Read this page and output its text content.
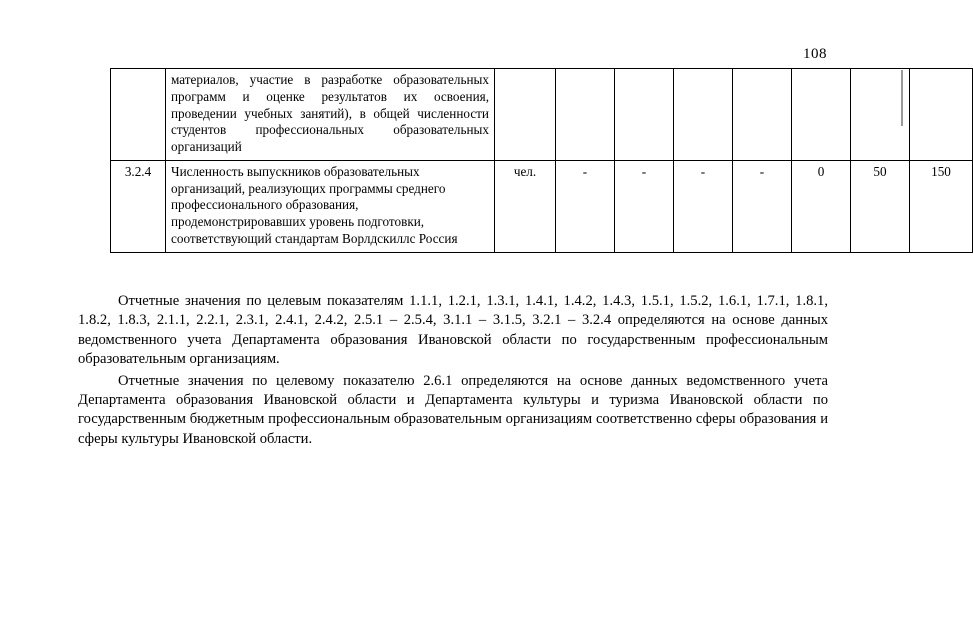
108
	материалов, участие в разработке образовательных программ и оценке результатов их освоения, проведении учебных занятий), в общей численности студентов профессиональных образовательных организаций								
3.2.4	Численность выпускников образовательных организаций, реализующих программы среднего профессионального образования, продемонстрировавших уровень подготовки, соответствующий стандартам Ворлдскиллс Россия	чел.	-	-	-	-	0	50	150

Отчетные значения по целевым показателям 1.1.1, 1.2.1, 1.3.1, 1.4.1, 1.4.2, 1.4.3, 1.5.1, 1.5.2, 1.6.1, 1.7.1, 1.8.1, 1.8.2, 1.8.3, 2.1.1, 2.2.1, 2.3.1, 2.4.1, 2.4.2, 2.5.1 – 2.5.4, 3.1.1 – 3.1.5, 3.2.1 – 3.2.4 определяются на основе данных ведомственного учета Департамента образования Ивановской области по государственным профессиональным образовательным организациям.

Отчетные значения по целевому показателю 2.6.1 определяются на основе данных ведомственного учета Департамента образования Ивановской области и Департамента культуры и туризма Ивановской области по государственным бюджетным профессиональным образовательным организациям соответственно сферы образования и сферы культуры Ивановской области.
